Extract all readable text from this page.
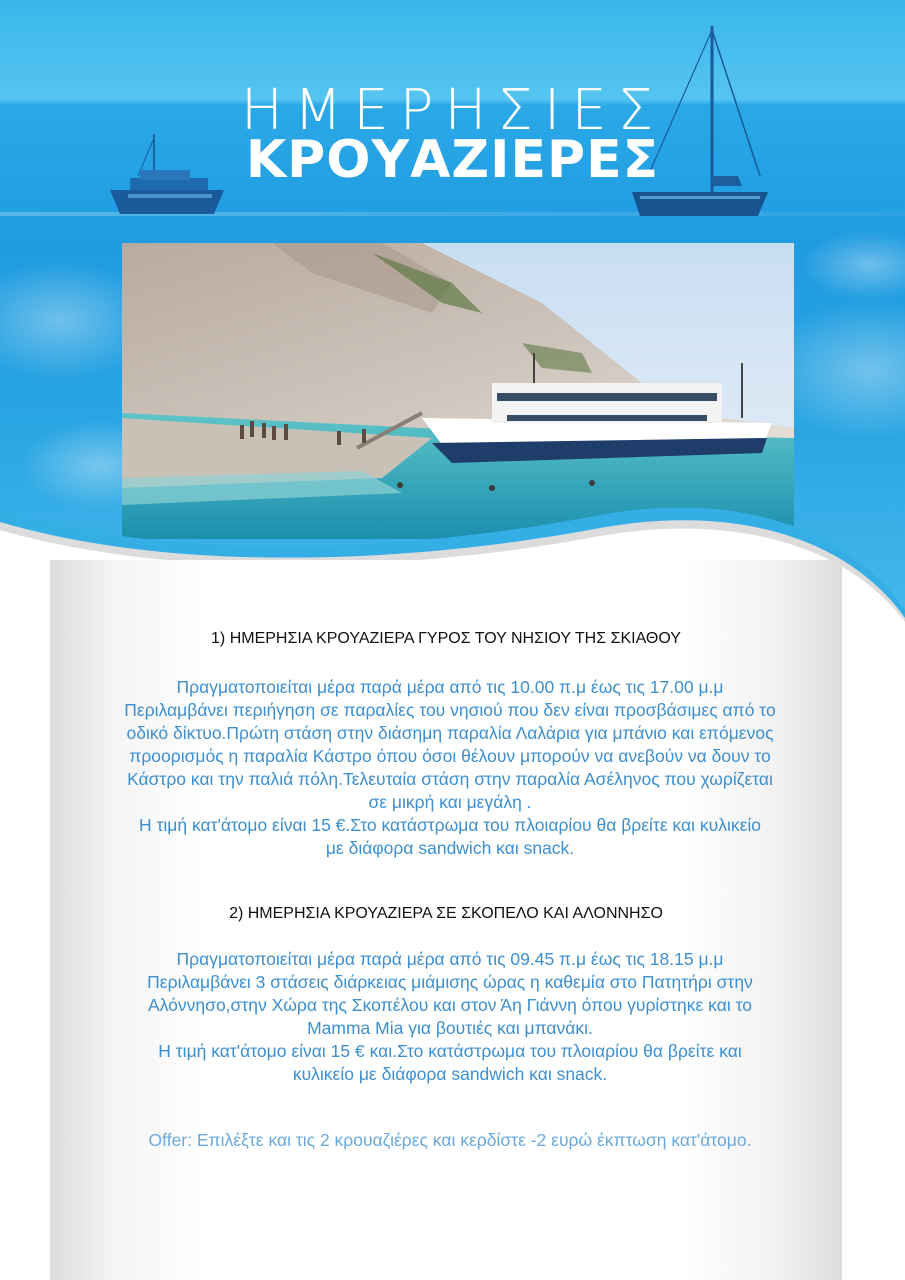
ΗΜΕΡΗΣΙΕΣ
ΚΡΟΥΑΖΙΕΡΕΣ
1) ΗΜΕΡΗΣΙΑ ΚΡΟΥΑΖΙΕΡΑ ΓΥΡΟΣ ΤΟΥ ΝΗΣΙΟΥ ΤΗΣ ΣΚΙΑΘΟΥ
Πραγματοποιείται μέρα παρά μέρα από τις 10.00 π.μ έως τις 17.00 μ.μ
Περιλαμβάνει περιήγηση σε παραλίες του νησιού που δεν είναι προσβάσιμες από το
οδικό δίκτυο.Πρώτη στάση στην διάσημη παραλία Λαλάρια για μπάνιο και επόμενος
προορισμός η παραλία Κάστρο όπου όσοι θέλουν μπορούν να ανεβούν να δουν το
Κάστρο και την παλιά πόλη.Τελευταία στάση στην παραλία Ασέληνος που χωρίζεται
σε μικρή και μεγάλη .
Η τιμή κατ'άτομο είναι 15 €.Στο κατάστρωμα του πλοιαρίου θα βρείτε και κυλικείο
με διάφορα sandwich και snack.
2) ΗΜΕΡΗΣΙΑ ΚΡΟΥΑΖΙΕΡΑ ΣΕ ΣΚΟΠΕΛΟ ΚΑΙ ΑΛΟΝΝΗΣΟ
Πραγματοποιείται μέρα παρά μέρα από τις 09.45 π.μ έως τις 18.15 μ.μ
Περιλαμβάνει 3 στάσεις διάρκειας μιάμισης ώρας η καθεμία στο Πατητήρι στην
Αλόννησο,στην Χώρα της Σκοπέλου και στον Άη Γιάννη όπου γυρίστηκε και το
Mamma Mia για βουτιές και μπανάκι.
Η τιμή κατ'άτομο είναι 15 € και.Στο κατάστρωμα του πλοιαρίου θα βρείτε και
κυλικείο με διάφορα sandwich και snack.
Offer: Επιλέξτε και τις 2 κρουαζιέρες και κερδίστε -2 ευρώ έκπτωση κατ'άτομο.
